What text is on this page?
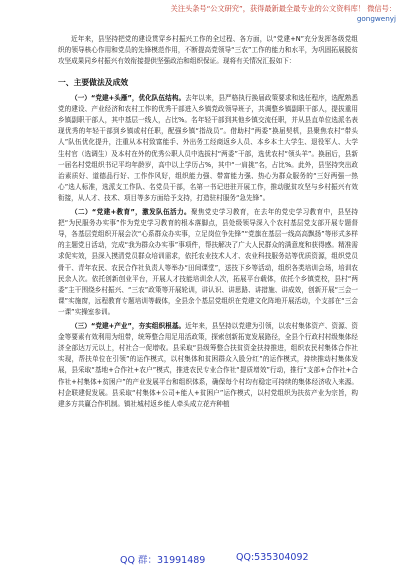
关注头条号“公文研究”，获得最新最全最专业的公文资料库！ 微信号：
gongwenyj

近年来，县坚持把党的建设贯穿乡村振兴工作的全过程、各方面，以“党建+N”充分发挥各级党组织的领导核心作用和党员的先锋模范作用，不断提高党领导“三农”工作的能力和水平，为巩固拓展脱贫攻坚成果同乡村振兴有效衔接提供坚强政治和组织保证。现将有关情况汇报如下：

一、主要做法及成效

（一）“党建+头雁”，优化队伍结构。去年以来，县严格执行换届政策要求和选任程序，选配熟悉党的建设、产业经济和农村工作的优秀干部进入乡镇党政领导班子，共调整乡镇副职干部人，提拔重用乡镇副职干部人，其中基层一线人，占比%。名年轻干部到其他乡镇交流任职，并从县直单位选派名表现优秀的年轻干部到乡镇或村任职，配强乡镇“指战员”。借助村“两委”换届契机，县聚焦农村“带头人”队伍优化提升，注重从本村致富能手、外出务工经商返乡人员、本乡本土大学生、退役军人、大学生村官（选调生）及本村在外的优秀公职人员中选拔村“两委”干部，选优农村“领头羊”。换届后，县新一届名村党组织书记平均年龄岁，高中以上学历占%，其中“一肩挑”名，占比%。此外，县坚持突出政治素质好、道德品行好、工作作风好，组织能力强、带富能力强、热心为群众服务的“三好两强一热心”选人标准，选派支工作队、名党员干部，名第一书记进驻开展工作，推动脱贫攻坚与乡村振兴有效衔接，从人才、技术、项目等多方面给予支持，打造驻村服务“急先锋”。

（二）“党建+教育”，激发队伍活力。聚焦党史学习教育，在去年的党史学习教育中，县坚持把“为民服务办实事”作为党史学习教育的根本落脚点，县处级领导深入个农村基层党支部开展专题督导，各基层党组织开展会次“心系群众办实事，立足岗位争先锋”“党旗在基层一线高高飘扬”等形式多样的主题党日活动，完成“我为群众办实事”事项件，帮扶解决了广大人民群众的满意度和获得感。精准需求促实效，县深入摸清党员群众培训需求，依托农业技术人才、农业科技服务站等优质资源，组织党员骨干、青年农民、农民合作社负责人等举办“田间课堂”，送技下乡等活动，组织各类培训会场，培训农民余人次。依托创新创业平台，开展人才技能培训余人次，拓展平台载体，依托个乡镇党校，县村“两委”主干围绕乡村振兴、“三农”政策等开展轮训，讲认识、讲思路、讲措施、讲成效，创新开展“三会一课”实施窗，远程教育专题培训等载体，全县余个基层党组织在党建文化阵地开展活动，个支部在“三会一课”实操室参训。

（三）“党建+产业”，夯实组织根基。近年来，县坚持以党建为引领，以农村集体资产、资源、资金等要素有效利用为纽带，统筹整合用足用活政策，探索创新拓宽发展路径，全县个行政村村级集体经济全部达万元以上，村社合一促增收。县采取“县级筹整合扶贫资金扶持推进，组织农民村集体合作社实现，帮扶单位在引领”的运作模式，以村集体和贫困群众入股分红”的运作模式，持续推动村集体发展，县采取“基地+合作社+农户”模式，推进农民专业合作社“提质增效”行动，推行“支部+合作社+合作社+村集体+贫困户”的产业发展平台和组织体系，确保每个村均有稳定可持续的集体经济收入来源。村企联建促发展。县采取“村集体+公司+能人+贫困户”运作模式，以村党组织为扶贫产业为宗旨，构建多方共赢合作机制。镇社城村返乡能人牵头成立花卉种植

QQ 群：31991489	QQ:535304092
